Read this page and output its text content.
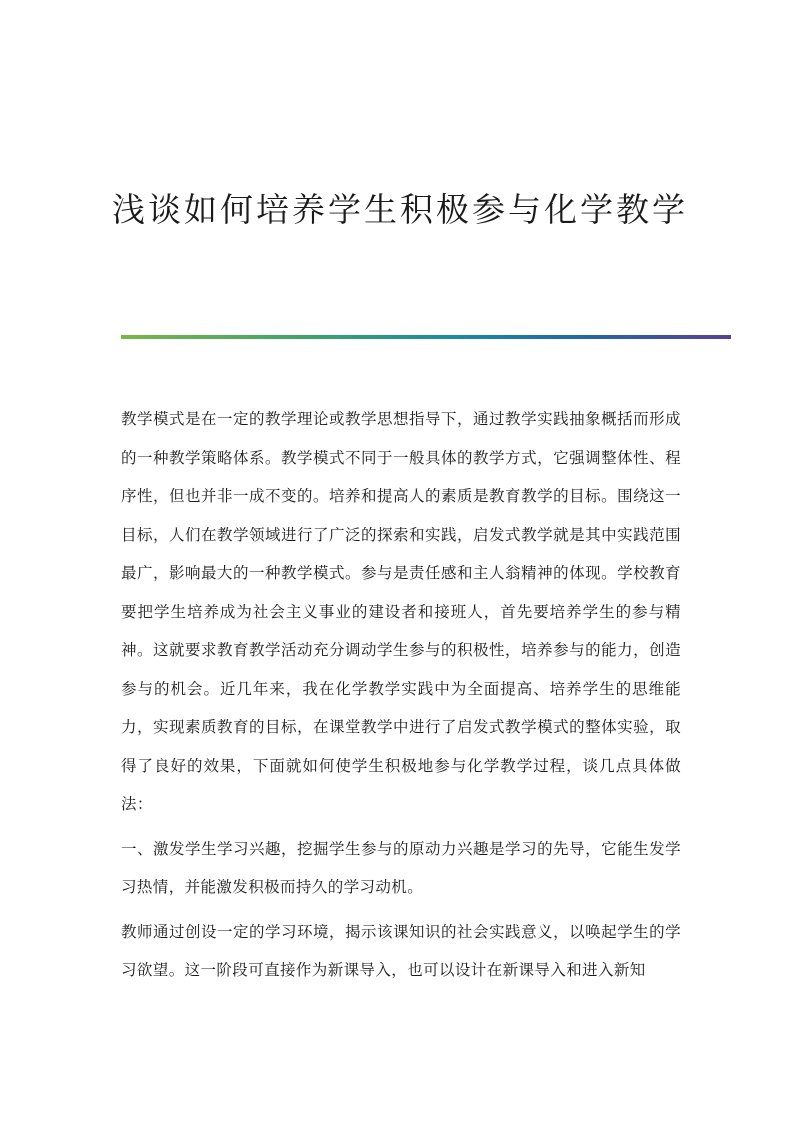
浅谈如何培养学生积极参与化学教学

教学模式是在一定的教学理论或教学思想指导下，通过教学实践抽象概括而形成的一种教学策略体系。教学模式不同于一般具体的教学方式，它强调整体性、程序性，但也并非一成不变的。培养和提高人的素质是教育教学的目标。围绕这一目标，人们在教学领域进行了广泛的探索和实践，启发式教学就是其中实践范围最广，影响最大的一种教学模式。参与是责任感和主人翁精神的体现。学校教育要把学生培养成为社会主义事业的建设者和接班人，首先要培养学生的参与精神。这就要求教育教学活动充分调动学生参与的积极性，培养参与的能力，创造参与的机会。近几年来，我在化学教学实践中为全面提高、培养学生的思维能力，实现素质教育的目标，在课堂教学中进行了启发式教学模式的整体实验，取得了良好的效果，下面就如何使学生积极地参与化学教学过程，谈几点具体做法：

一、激发学生学习兴趣，挖掘学生参与的原动力兴趣是学习的先导，它能生发学习热情，并能激发积极而持久的学习动机。

教师通过创设一定的学习环境，揭示该课知识的社会实践意义，以唤起学生的学习欲望。这一阶段可直接作为新课导入，也可以设计在新课导入和进入新知
